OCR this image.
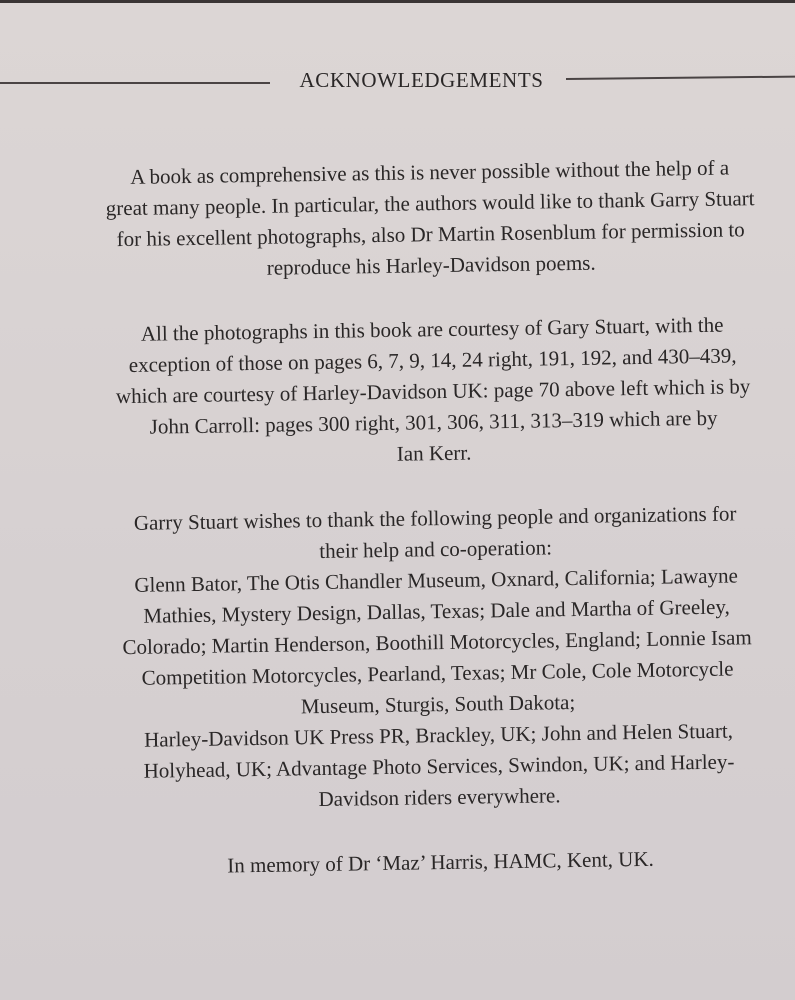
ACKNOWLEDGEMENTS

A book as comprehensive as this is never possible without the help of a
great many people. In particular, the authors would like to thank Garry Stuart
for his excellent photographs, also Dr Martin Rosenblum for permission to
reproduce his Harley-Davidson poems.

All the photographs in this book are courtesy of Gary Stuart, with the
exception of those on pages 6, 7, 9, 14, 24 right, 191, 192, and 430–439,
which are courtesy of Harley-Davidson UK: page 70 above left which is by
John Carroll: pages 300 right, 301, 306, 311, 313–319 which are by
Ian Kerr.

Garry Stuart wishes to thank the following people and organizations for
their help and co-operation:
Glenn Bator, The Otis Chandler Museum, Oxnard, California; Lawayne
Mathies, Mystery Design, Dallas, Texas; Dale and Martha of Greeley,
Colorado; Martin Henderson, Boothill Motorcycles, England; Lonnie Isam
Competition Motorcycles, Pearland, Texas; Mr Cole, Cole Motorcycle
Museum, Sturgis, South Dakota;
Harley-Davidson UK Press PR, Brackley, UK; John and Helen Stuart,
Holyhead, UK; Advantage Photo Services, Swindon, UK; and Harley-
Davidson riders everywhere.

In memory of Dr ‘Maz’ Harris, HAMC, Kent, UK.
